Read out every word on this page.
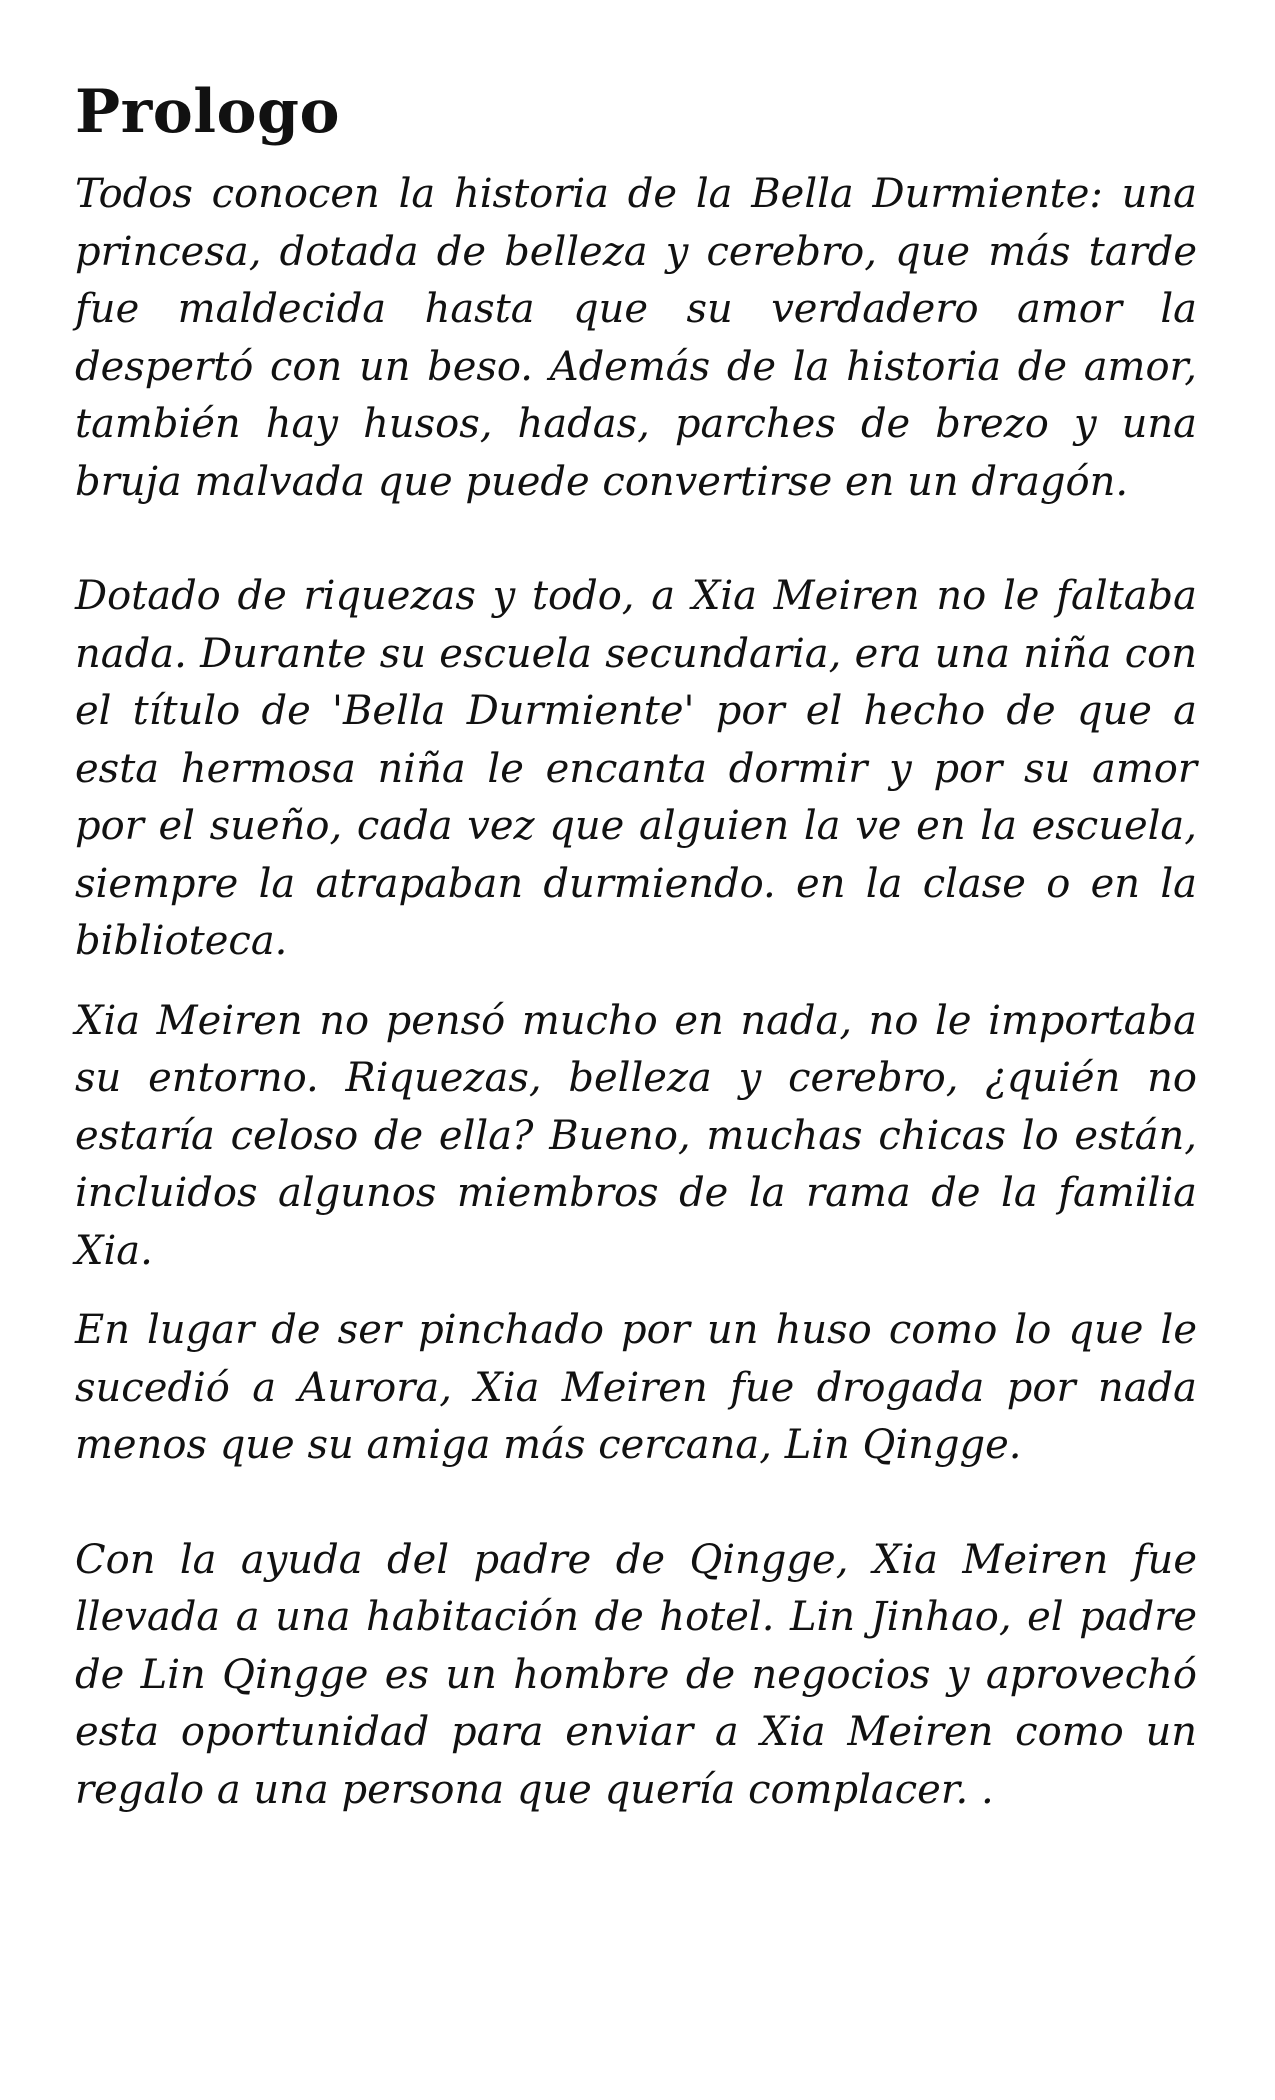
Prologo

Todos conocen la historia de la Bella Durmiente: una princesa, dotada de belleza y cerebro, que más tarde fue maldecida hasta que su verdadero amor la despertó con un beso. Además de la historia de amor, también hay husos, hadas, parches de brezo y una bruja malvada que puede convertirse en un dragón.

Dotado de riquezas y todo, a Xia Meiren no le faltaba nada. Durante su escuela secundaria, era una niña con el título de 'Bella Durmiente' por el hecho de que a esta hermosa niña le encanta dormir y por su amor por el sueño, cada vez que alguien la ve en la escuela, siempre la atrapaban durmiendo. en la clase o en la biblioteca.

Xia Meiren no pensó mucho en nada, no le importaba su entorno. Riquezas, belleza y cerebro, ¿quién no estaría celoso de ella? Bueno, muchas chicas lo están, incluidos algunos miembros de la rama de la familia Xia.

En lugar de ser pinchado por un huso como lo que le sucedió a Aurora, Xia Meiren fue drogada por nada menos que su amiga más cercana, Lin Qingge.

Con la ayuda del padre de Qingge, Xia Meiren fue llevada a una habitación de hotel. Lin Jinhao, el padre de Lin Qingge es un hombre de negocios y aprovechó esta oportunidad para enviar a Xia Meiren como un regalo a una persona que quería complacer. .
